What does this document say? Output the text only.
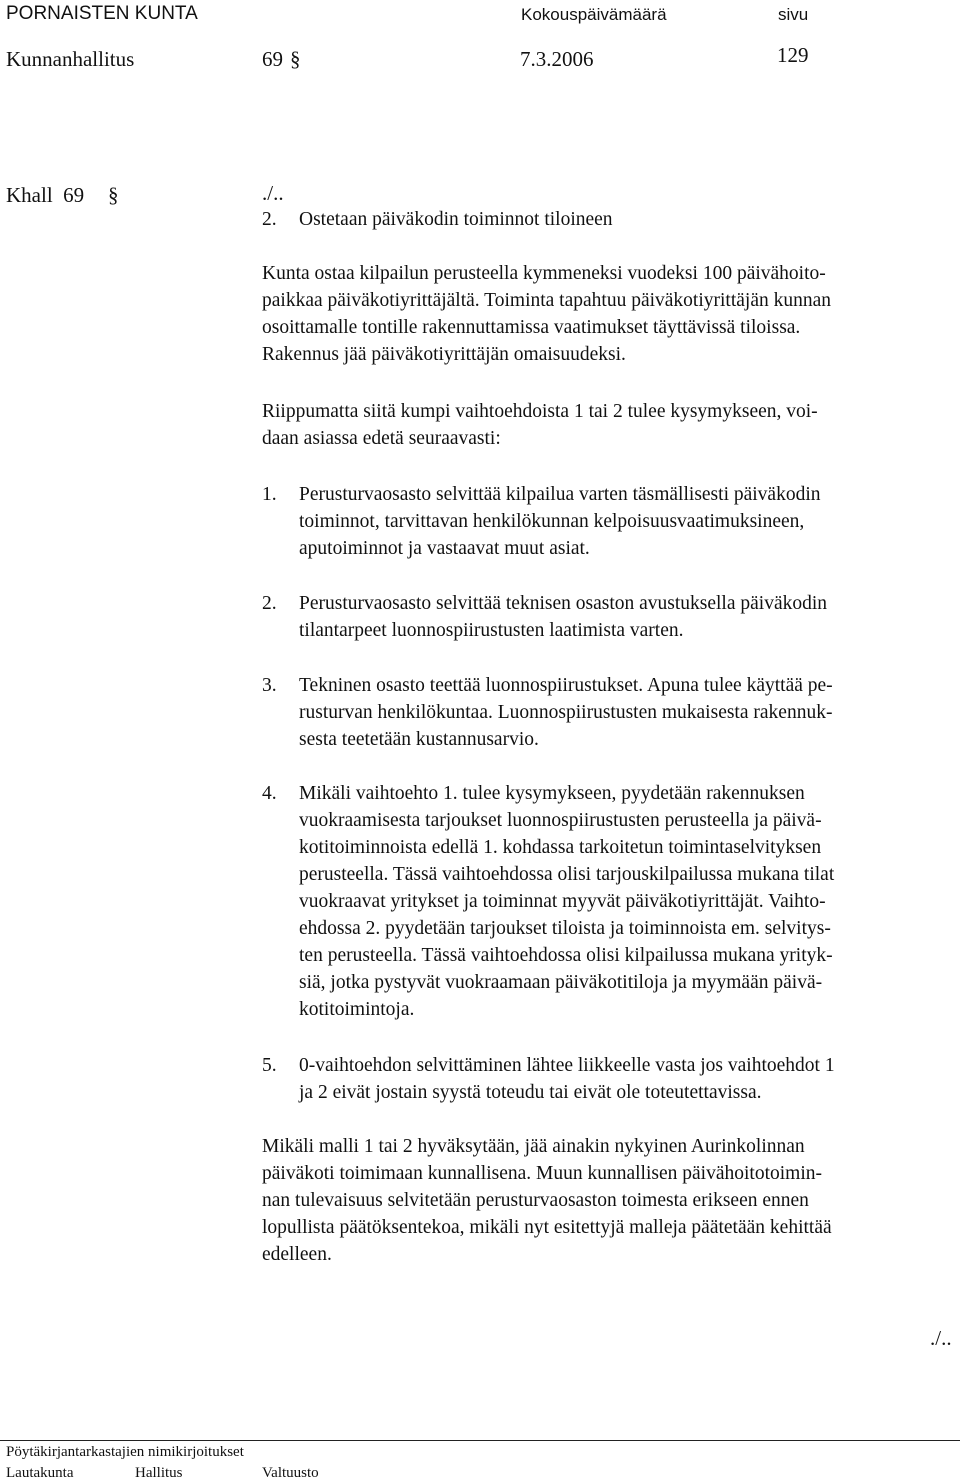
PORNAISTEN KUNTA	Kokouspäivämäärä	sivu
Kunnanhallitus	69 §	7.3.2006	129
Khall  69 §	./..
2. Ostetaan päiväkodin toiminnot tiloineen
Kunta ostaa kilpailun perusteella kymmeneksi vuodeksi 100 päivähoito-
paikkaa päiväkotiyrittäjältä. Toiminta tapahtuu päiväkotiyrittäjän kunnan
osoittamalle tontille rakennuttamissa vaatimukset täyttävissä tiloissa.
Rakennus jää päiväkotiyrittäjän omaisuudeksi.
Riippumatta siitä kumpi vaihtoehdoista 1 tai 2 tulee kysymykseen, voi-
daan asiassa edetä seuraavasti:
1. Perusturvaosasto selvittää kilpailua varten täsmällisesti päiväkodin
toiminnot, tarvittavan henkilökunnan kelpoisuusvaatimuksineen,
aputoiminnot ja vastaavat muut asiat.
2. Perusturvaosasto selvittää teknisen osaston avustuksella päiväkodin
tilantarpeet luonnospiirustusten laatimista varten.
3. Tekninen osasto teettää luonnospiirustukset. Apuna tulee käyttää pe-
rusturvan henkilökuntaa. Luonnospiirustusten mukaisesta rakennuk-
sesta teetetään kustannusarvio.
4. Mikäli vaihtoehto 1. tulee kysymykseen, pyydetään rakennuksen
vuokraamisesta tarjoukset luonnospiirustusten perusteella ja päivä-
kotitoiminnoista edellä 1. kohdassa tarkoitetun toimintaselvityksen
perusteella. Tässä vaihtoehdossa olisi tarjouskilpailussa mukana tilat
vuokraavat yritykset ja toiminnat myyvät päiväkotiyrittäjät. Vaihto-
ehdossa 2. pyydetään tarjoukset tiloista ja toiminnoista em. selvitys-
ten perusteella. Tässä vaihtoehdossa olisi kilpailussa mukana yrityk-
siä, jotka pystyvät vuokraamaan päiväkotitiloja ja myymään päivä-
kotitoimintoja.
5. 0-vaihtoehdon selvittäminen lähtee liikkeelle vasta jos vaihtoehdot 1
ja 2 eivät jostain syystä toteudu tai eivät ole toteutettavissa.
Mikäli malli 1 tai 2 hyväksytään, jää ainakin nykyinen Aurinkolinnan
päiväkoti toimimaan kunnallisena. Muun kunnallisen päivähoitotoimin-
nan tulevaisuus selvitetään perusturvaosaston toimesta erikseen ennen
lopullista päätöksentekoa, mikäli nyt esitettyjä malleja päätetään kehittää
edelleen.
./..
Pöytäkirjantarkastajien nimikirjoitukset
Lautakunta	Hallitus	Valtuusto
